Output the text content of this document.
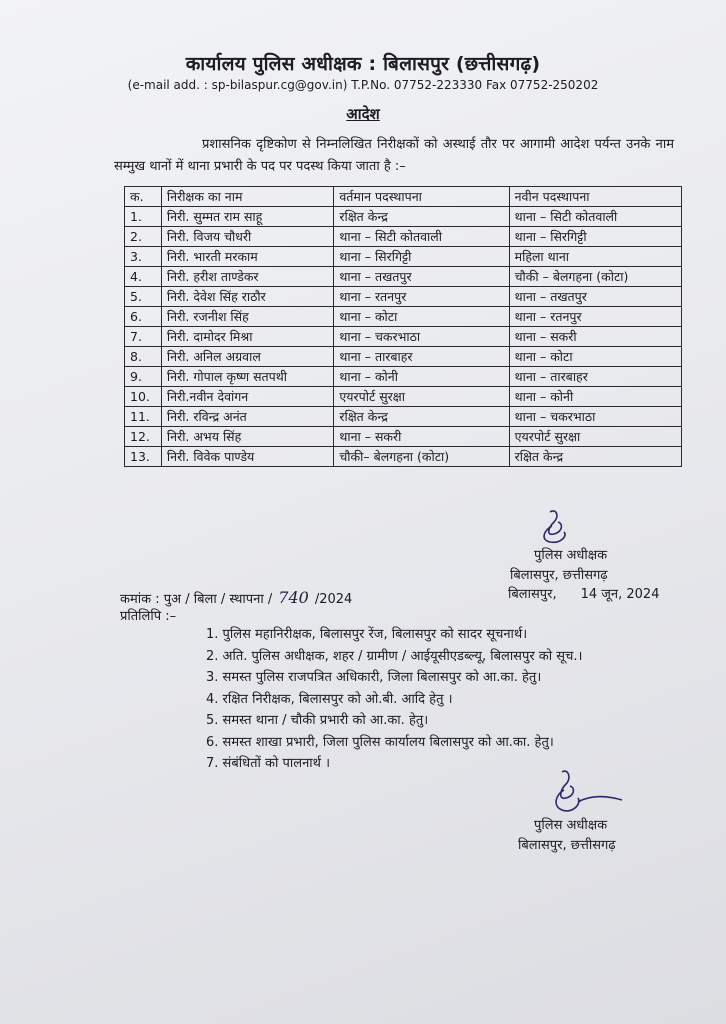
कार्यालय पुलिस अधीक्षक : बिलासपुर (छत्तीसगढ़)
(e-mail add. : sp-bilaspur.cg@gov.in) T.P.No. 07752-223330 Fax 07752-250202
आदेश
प्रशासनिक दृष्टिकोण से निम्नलिखित निरीक्षकों को अस्थाई तौर पर आगामी आदेश पर्यन्त उनके नाम सम्मुख थानों में थाना प्रभारी के पद पर पदस्थ किया जाता है :–
क.	निरीक्षक का नाम	वर्तमान पदस्थापना	नवीन पदस्थापना
1.	निरी. सुम्मत राम साहू	रक्षित केन्द्र	थाना – सिटी कोतवाली
2.	निरी. विजय चौधरी	थाना – सिटी कोतवाली	थाना – सिरगिट्टी
3.	निरी. भारती मरकाम	थाना – सिरगिट्टी	महिला थाना
4.	निरी. हरीश ताण्डेकर	थाना – तखतपुर	चौकी – बेलगहना (कोटा)
5.	निरी. देवेश सिंह राठौर	थाना – रतनपुर	थाना – तखतपुर
6.	निरी. रजनीश सिंह	थाना – कोटा	थाना – रतनपुर
7.	निरी. दामोदर मिश्रा	थाना – चकरभाठा	थाना – सकरी
8.	निरी. अनिल अग्रवाल	थाना – तारबाहर	थाना – कोटा
9.	निरी. गोपाल कृष्ण सतपथी	थाना – कोनी	थाना – तारबाहर
10.	निरी.नवीन देवांगन	एयरपोर्ट सुरक्षा	थाना – कोनी
11.	निरी. रविन्द्र अनंत	रक्षित केन्द्र	थाना – चकरभाठा
12.	निरी. अभय सिंह	थाना – सकरी	एयरपोर्ट सुरक्षा
13.	निरी. विवेक पाण्डेय	चौकी– बेलगहना (कोटा)	रक्षित केन्द्र
पुलिस अधीक्षक
बिलासपुर, छत्तीसगढ़
कमांक : पुअ / बिला / स्थापना / 740 /2024	बिलासपुर, 14 जून, 2024
प्रतिलिपि :–
1. पुलिस महानिरीक्षक, बिलासपुर रेंज, बिलासपुर को सादर सूचनार्थ।
2. अति. पुलिस अधीक्षक, शहर / ग्रामीण / आईयूसीएडब्ल्यू, बिलासपुर को सूच.।
3. समस्त पुलिस राजपत्रित अधिकारी, जिला बिलासपुर को आ.का. हेतु।
4. रक्षित निरीक्षक, बिलासपुर को ओ.बी. आदि हेतु ।
5. समस्त थाना / चौकी प्रभारी को आ.का. हेतु।
6. समस्त शाखा प्रभारी, जिला पुलिस कार्यालय बिलासपुर को आ.का. हेतु।
7. संबंधितों को पालनार्थ ।
पुलिस अधीक्षक
बिलासपुर, छत्तीसगढ़
